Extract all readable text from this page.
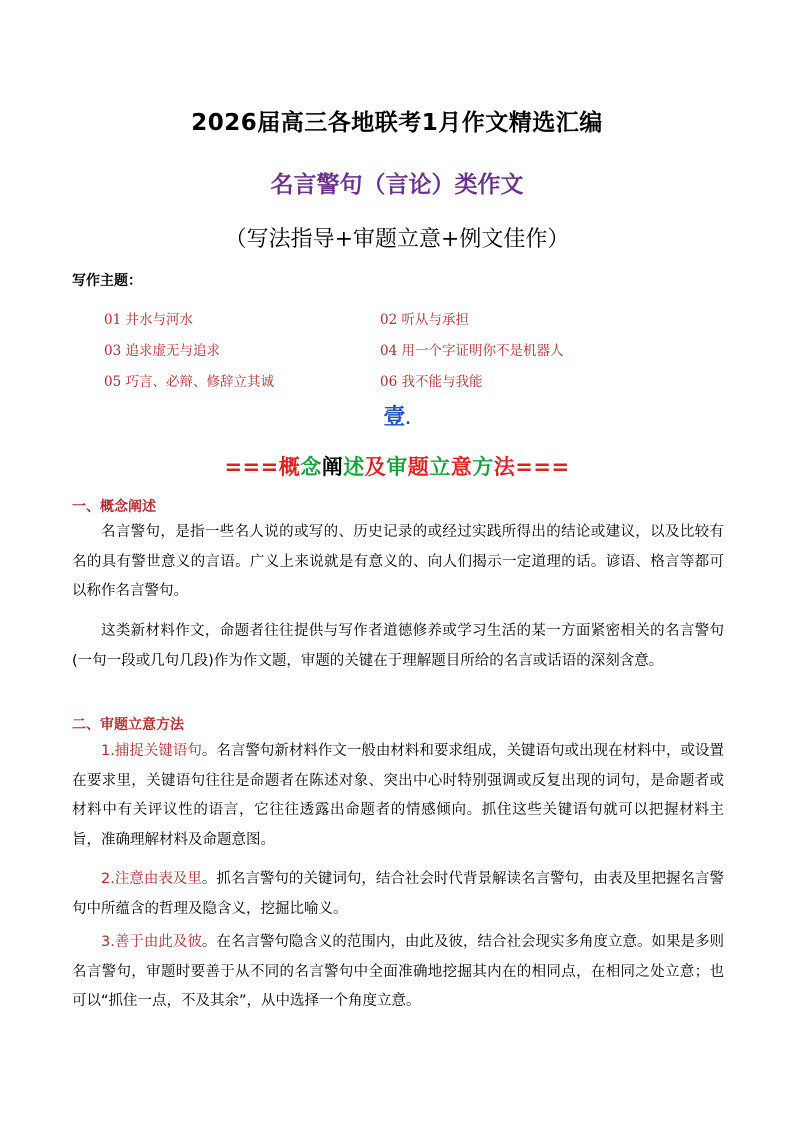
2026届高三各地联考1月作文精选汇编
名言警句（言论）类作文
（写法指导+审题立意+例文佳作）
写作主题：
01 井水与河水	02 听从与承担
03 追求虚无与追求	04 用一个字证明你不是机器人
05 巧言、必辩、修辞立其诚	06 我不能与我能
壹.
===概念阐述及审题立意方法===
一、概念阐述
名言警句，是指一些名人说的或写的、历史记录的或经过实践所得出的结论或建议，以及比较有名的具有警世意义的言语。广义上来说就是有意义的、向人们揭示一定道理的话。谚语、格言等都可以称作名言警句。
这类新材料作文，命题者往往提供与写作者道德修养或学习生活的某一方面紧密相关的名言警句(一句一段或几句几段)作为作文题，审题的关键在于理解题目所给的名言或话语的深刻含意。
二、审题立意方法
1.捕捉关键语句。名言警句新材料作文一般由材料和要求组成，关键语句或出现在材料中，或设置在要求里，关键语句往往是命题者在陈述对象、突出中心时特别强调或反复出现的词句，是命题者或材料中有关评议性的语言，它往往透露出命题者的情感倾向。抓住这些关键语句就可以把握材料主旨，准确理解材料及命题意图。
2.注意由表及里。抓名言警句的关键词句，结合社会时代背景解读名言警句，由表及里把握名言警句中所蕴含的哲理及隐含义，挖掘比喻义。
3.善于由此及彼。在名言警句隐含义的范围内，由此及彼，结合社会现实多角度立意。如果是多则名言警句，审题时要善于从不同的名言警句中全面准确地挖掘其内在的相同点，在相同之处立意；也可以“抓住一点，不及其余”，从中选择一个角度立意。
